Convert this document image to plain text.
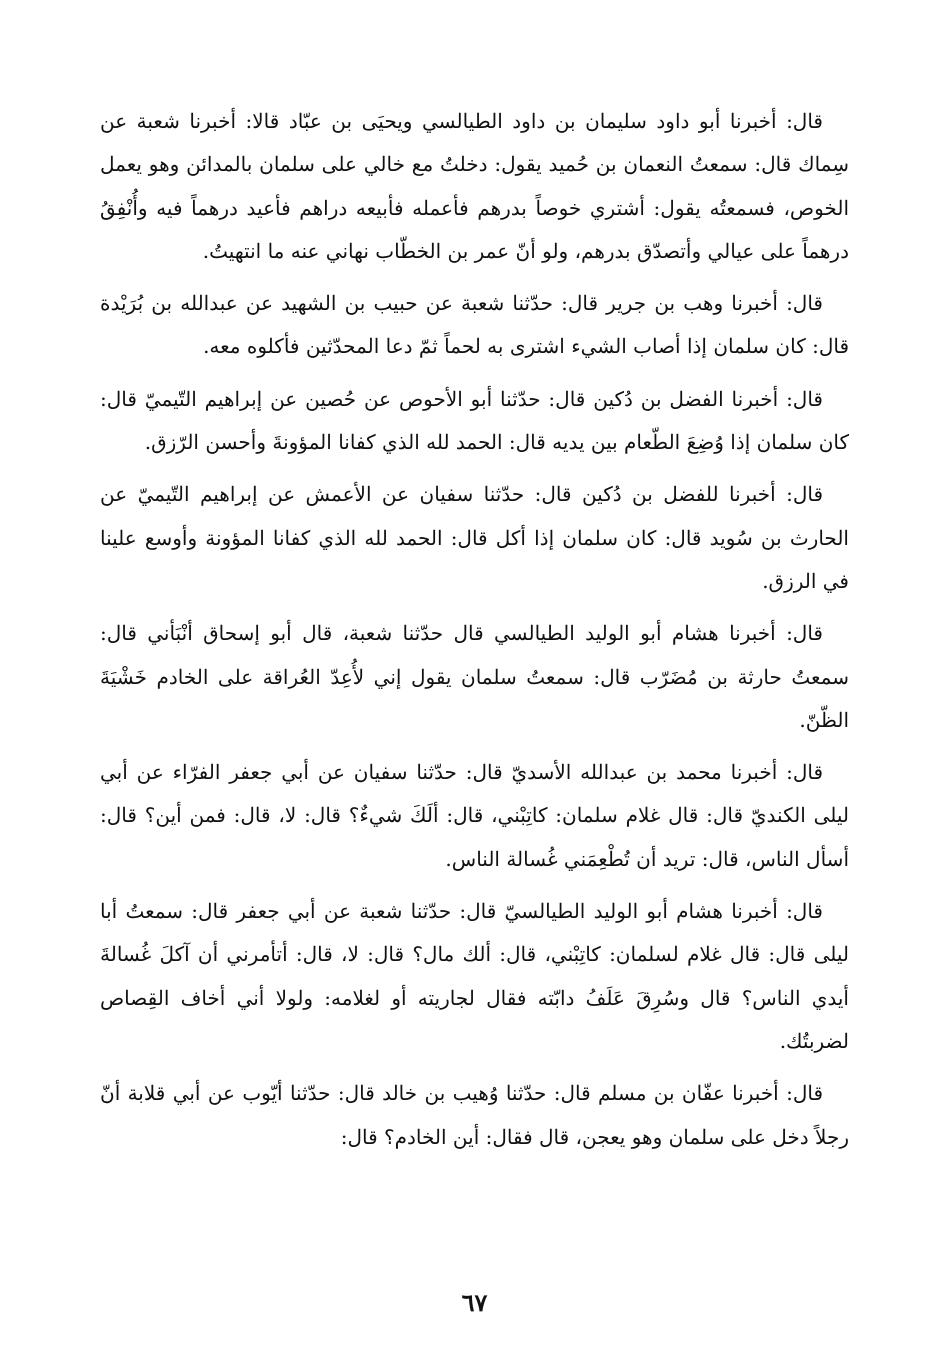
قال: أخبرنا أبو داود سليمان بن داود الطيالسي ويحيَى بن عبّاد قالا: أخبرنا شعبة عن سِماك قال: سمعتُ النعمان بن حُميد يقول: دخلتُ مع خالي على سلمان بالمدائن وهو يعمل الخوص، فسمعتُه يقول: أشتري خوصاً بدرهم فأعمله فأبيعه دراهم فأعيد درهماً فيه وأُنْفِقُ درهماً على عيالي وأتصدّق بدرهم، ولو أنّ عمر بن الخطّاب نهاني عنه ما انتهيتُ.

قال: أخبرنا وهب بن جرير قال: حدّثنا شعبة عن حبيب بن الشهيد عن عبدالله بن بُرَيْدة قال: كان سلمان إذا أصاب الشيء اشترى به لحماً ثمّ دعا المحدّثين فأكلوه معه.

قال: أخبرنا الفضل بن دُكين قال: حدّثنا أبو الأحوص عن حُصين عن إبراهيم التّيميّ قال: كان سلمان إذا وُضِعَ الطّعام بين يديه قال: الحمد لله الذي كفانا المؤونةَ وأحسن الرّزق.

قال: أخبرنا للفضل بن دُكين قال: حدّثنا سفيان عن الأعمش عن إبراهيم التّيميّ عن الحارث بن سُويد قال: كان سلمان إذا أكل قال: الحمد لله الذي كفانا المؤونة وأوسع علينا في الرزق.

قال: أخبرنا هشام أبو الوليد الطيالسي قال حدّثنا شعبة، قال أبو إسحاق أنْبَأني قال: سمعتُ حارثة بن مُضَرّب قال: سمعتُ سلمان يقول إني لأُعِدّ العُراقة على الخادم خَشْيَةَ الظّنّ.

قال: أخبرنا محمد بن عبدالله الأسديّ قال: حدّثنا سفيان عن أبي جعفر الفرّاء عن أبي ليلى الكنديّ قال: قال غلام سلمان: كاتِبْني، قال: ألَكَ شيءٌ؟ قال: لا، قال: فمن أين؟ قال: أسأل الناس، قال: تريد أن تُطْعِمَني غُسالة الناس.

قال: أخبرنا هشام أبو الوليد الطيالسيّ قال: حدّثنا شعبة عن أبي جعفر قال: سمعتُ أبا ليلى قال: قال غلام لسلمان: كاتِبْني، قال: ألك مال؟ قال: لا، قال: أتأمرني أن آكلَ غُسالةَ أيدي الناس؟ قال وسُرِقَ عَلَفُ دابّته فقال لجاريته أو لغلامه: ولولا أني أخاف القِصاص لضربتُك.

قال: أخبرنا عفّان بن مسلم قال: حدّثنا وُهيب بن خالد قال: حدّثنا أيّوب عن أبي قلابة أنّ رجلاً دخل على سلمان وهو يعجن، قال فقال: أين الخادم؟ قال:

٦٧
